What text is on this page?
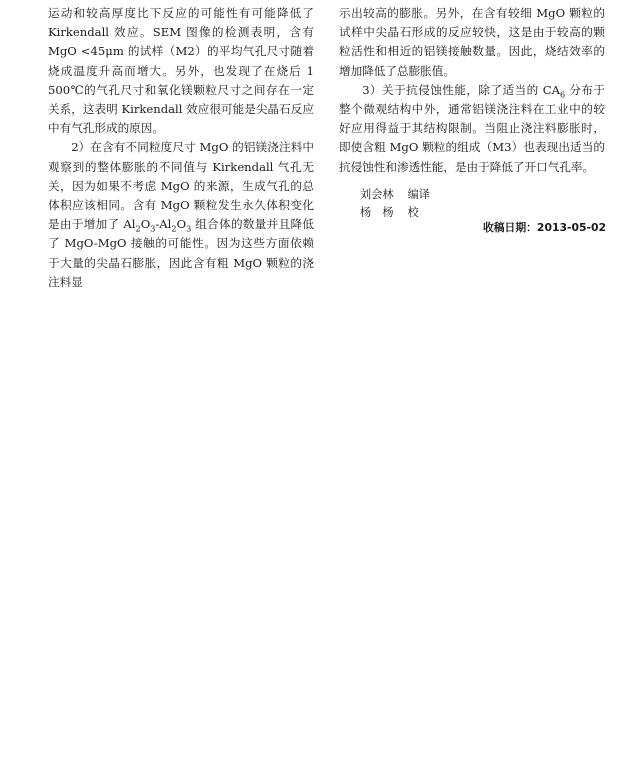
运动和较高厚度比下反应的可能性有可能降低了Kirkendall 效应。SEM 图像的检测表明，含有 MgO <45μm 的试样（M2）的平均气孔尺寸随着烧成温度升高而增大。另外，也发现了在烧后 1 500℃的气孔尺寸和氧化镁颗粒尺寸之间存在一定关系，这表明 Kirkendall 效应很可能是尖晶石反应中有气孔形成的原因。

2）在含有不同粒度尺寸 MgO 的铝镁浇注料中观察到的整体膨胀的不同值与 Kirkendall 气孔无关，因为如果不考虑 MgO 的来源，生成气孔的总体积应该相同。含有 MgO 颗粒发生永久体积变化是由于增加了 $Al_2O_3-Al_2O_3$ 组合体的数量并且降低了 MgO-MgO 接触的可能性。因为这些方面依赖于大量的尖晶石膨胀，因此含有粗 MgO 颗粒的浇注料显

示出较高的膨胀。另外，在含有较细 MgO 颗粒的试样中尖晶石形成的反应较快，这是由于较高的颗粒活性和相近的铝镁接触数量。因此，烧结效率的增加降低了总膨胀值。

3）关于抗侵蚀性能，除了适当的 $CA_6$ 分布于整个微观结构中外，通常铝镁浇注料在工业中的较好应用得益于其结构限制。当阻止浇注料膨胀时，即使含粗 MgO 颗粒的组成（M3）也表现出适当的抗侵蚀性和渗透性能，是由于降低了开口气孔率。

刘会林 编译
杨　杨 校
收稿日期：2013-05-02
